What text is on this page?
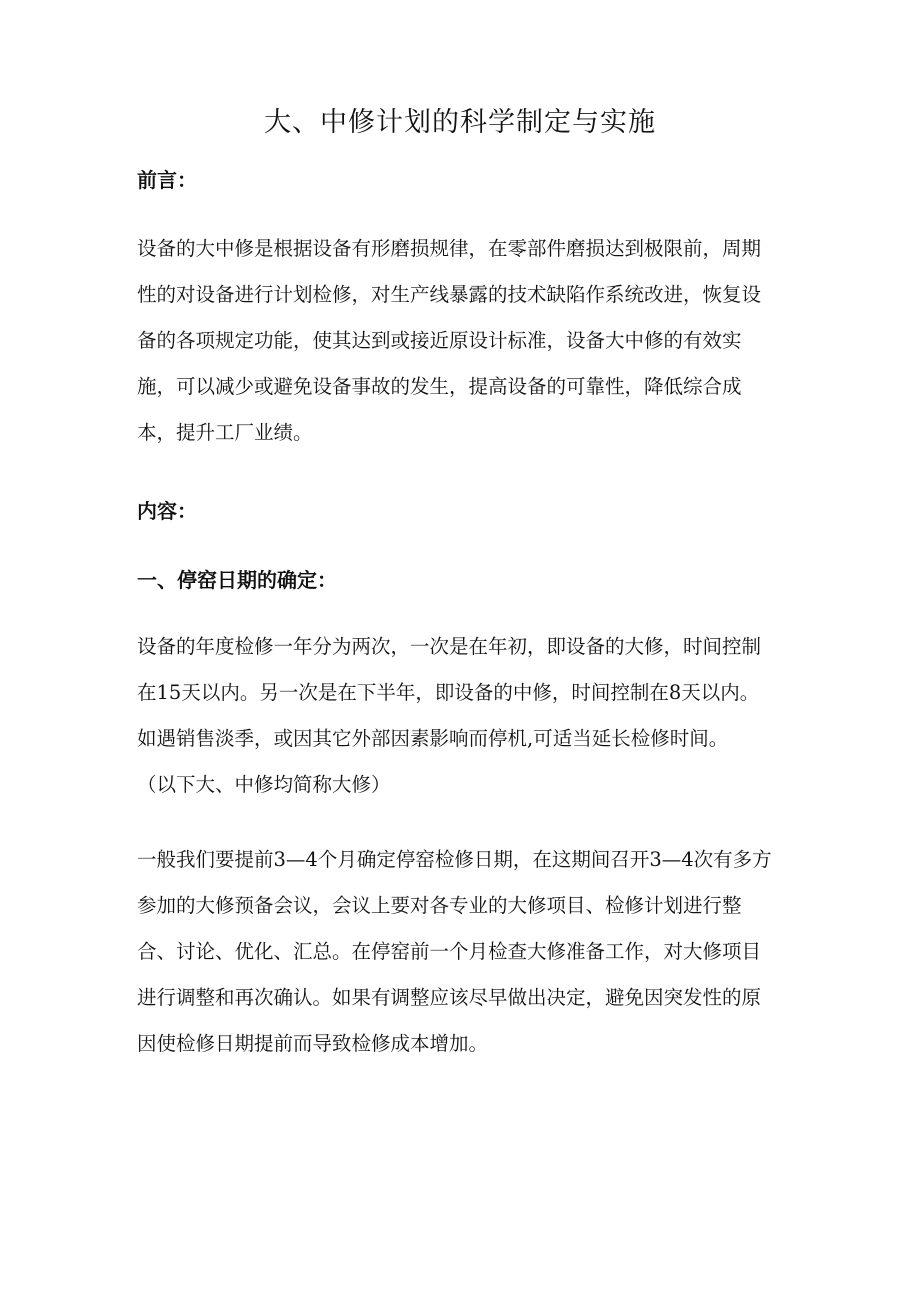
大、中修计划的科学制定与实施
前言：
设备的大中修是根据设备有形磨损规律，在零部件磨损达到极限前，周期
性的对设备进行计划检修，对生产线暴露的技术缺陷作系统改进，恢复设
备的各项规定功能，使其达到或接近原设计标准，设备大中修的有效实
施，可以减少或避免设备事故的发生，提高设备的可靠性，降低综合成
本，提升工厂业绩。
内容：
一、停窑日期的确定：
设备的年度检修一年分为两次，一次是在年初，即设备的大修，时间控制
在15天以内。另一次是在下半年，即设备的中修，时间控制在8天以内。
如遇销售淡季，或因其它外部因素影响而停机,可适当延长检修时间。
（以下大、中修均简称大修）
一般我们要提前3—4个月确定停窑检修日期，在这期间召开3—4次有多方
参加的大修预备会议，会议上要对各专业的大修项目、检修计划进行整
合、讨论、优化、汇总。在停窑前一个月检查大修准备工作，对大修项目
进行调整和再次确认。如果有调整应该尽早做出决定，避免因突发性的原
因使检修日期提前而导致检修成本增加。
